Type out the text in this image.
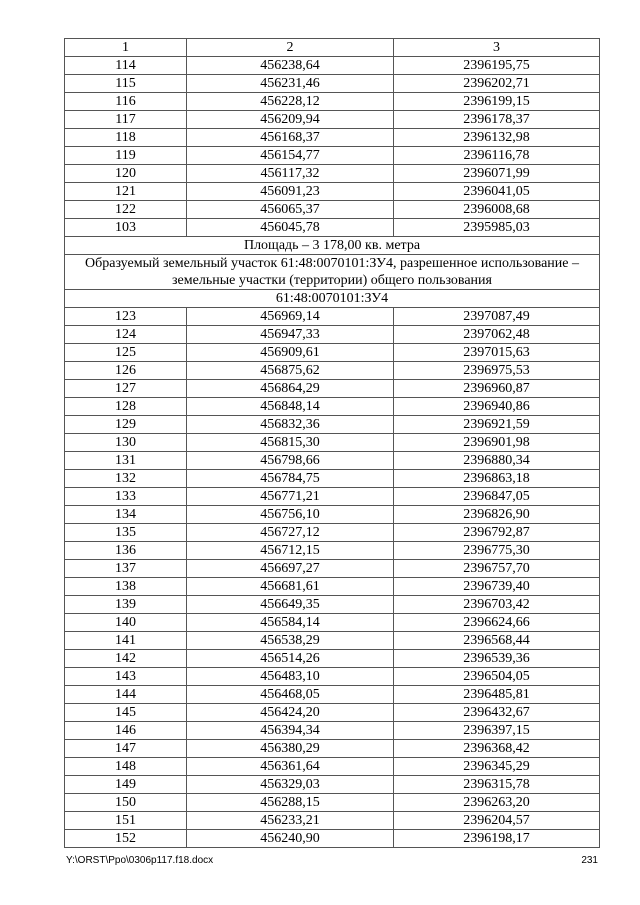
1	2	3
114	456238,64	2396195,75
115	456231,46	2396202,71
116	456228,12	2396199,15
117	456209,94	2396178,37
118	456168,37	2396132,98
119	456154,77	2396116,78
120	456117,32	2396071,99
121	456091,23	2396041,05
122	456065,37	2396008,68
103	456045,78	2395985,03
Площадь – 3 178,00 кв. метра		
Образуемый земельный участок 61:48:0070101:ЗУ4, разрешенное использование – земельные участки (территории) общего пользования		
61:48:0070101:ЗУ4		
123	456969,14	2397087,49
124	456947,33	2397062,48
125	456909,61	2397015,63
126	456875,62	2396975,53
127	456864,29	2396960,87
128	456848,14	2396940,86
129	456832,36	2396921,59
130	456815,30	2396901,98
131	456798,66	2396880,34
132	456784,75	2396863,18
133	456771,21	2396847,05
134	456756,10	2396826,90
135	456727,12	2396792,87
136	456712,15	2396775,30
137	456697,27	2396757,70
138	456681,61	2396739,40
139	456649,35	2396703,42
140	456584,14	2396624,66
141	456538,29	2396568,44
142	456514,26	2396539,36
143	456483,10	2396504,05
144	456468,05	2396485,81
145	456424,20	2396432,67
146	456394,34	2396397,15
147	456380,29	2396368,42
148	456361,64	2396345,29
149	456329,03	2396315,78
150	456288,15	2396263,20
151	456233,21	2396204,57
152	456240,90	2396198,17
Y:\ORST\Ppo\0306p117.f18.docx	231
